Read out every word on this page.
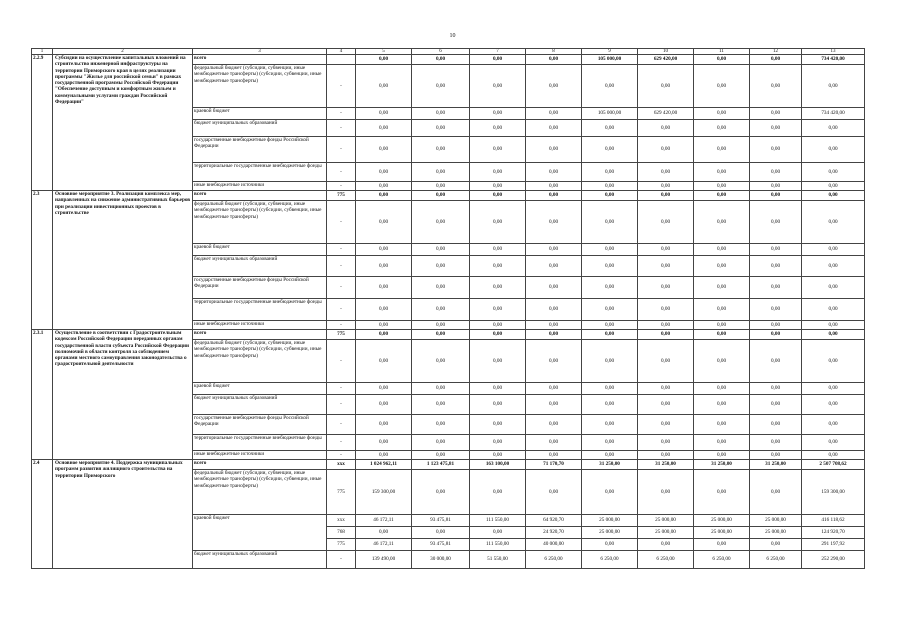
10
1	2	3	4	5	6	7	8	9	10	11	12	13
2.2.9	Субсидии на осуществление капитальных вложений на строительство инженерной инфраструктуры на территории Приморского края в целях реализации программы "Жилье для российской семьи" в рамках государственной программы Российской Федерации "Обеспечение доступным и комфортным жильем и коммунальными услугами граждан Российской Федерации"	всего		0,00	0,00	0,00	0,00	105 000,00	629 420,00	0,00	0,00	734 420,00
		федеральный бюджет (субсидии, субвенции, иные межбюджетные трансферты) (субсидии, субвенции, иные межбюджетные трансферты)	-	0,00	0,00	0,00	0,00	0,00	0,00	0,00	0,00	0,00
		краевой бюджет	-	0,00	0,00	0,00	0,00	105 000,00	629 420,00	0,00	0,00	734 420,00
		бюджет муниципальных образований	-	0,00	0,00	0,00	0,00	0,00	0,00	0,00	0,00	0,00
		государственные внебюджетные фонды Российской Федерации	-	0,00	0,00	0,00	0,00	0,00	0,00	0,00	0,00	0,00
		территориальные государственные внебюджетные фонды	-	0,00	0,00	0,00	0,00	0,00	0,00	0,00	0,00	0,00
		иные внебюджетные источники	-	0,00	0,00	0,00	0,00	0,00	0,00	0,00	0,00	0,00
2.3	Основное мероприятие 3. Реализация комплекса мер, направленных на снижение административных барьеров при реализации инвестиционных проектов в строительстве	всего	775	0,00	0,00	0,00	0,00	0,00	0,00	0,00	0,00	0,00
		федеральный бюджет (субсидии, субвенции, иные межбюджетные трансферты) (субсидии, субвенции, иные межбюджетные трансферты)	-	0,00	0,00	0,00	0,00	0,00	0,00	0,00	0,00	0,00
		краевой бюджет	-	0,00	0,00	0,00	0,00	0,00	0,00	0,00	0,00	0,00
		бюджет муниципальных образований	-	0,00	0,00	0,00	0,00	0,00	0,00	0,00	0,00	0,00
		государственные внебюджетные фонды Российской Федерации	-	0,00	0,00	0,00	0,00	0,00	0,00	0,00	0,00	0,00
		территориальные государственные внебюджетные фонды	-	0,00	0,00	0,00	0,00	0,00	0,00	0,00	0,00	0,00
		иные внебюджетные источники	-	0,00	0,00	0,00	0,00	0,00	0,00	0,00	0,00	0,00
2.3.1	Осуществление в соответствии с Градостроительным кодексом Российской Федерации переданных органам государственной власти субъекта Российской Федерации полномочий в области контроля за соблюдением органами местного самоуправления законодательства о градостроительной деятельности	всего	775	0,00	0,00	0,00	0,00	0,00	0,00	0,00	0,00	0,00
		федеральный бюджет (субсидии, субвенции, иные межбюджетные трансферты) (субсидии, субвенции, иные межбюджетные трансферты)	-	0,00	0,00	0,00	0,00	0,00	0,00	0,00	0,00	0,00
		краевой бюджет	-	0,00	0,00	0,00	0,00	0,00	0,00	0,00	0,00	0,00
		бюджет муниципальных образований	-	0,00	0,00	0,00	0,00	0,00	0,00	0,00	0,00	0,00
		государственные внебюджетные фонды Российской Федерации	-	0,00	0,00	0,00	0,00	0,00	0,00	0,00	0,00	0,00
		территориальные государственные внебюджетные фонды	-	0,00	0,00	0,00	0,00	0,00	0,00	0,00	0,00	0,00
		иные внебюджетные источники	-	0,00	0,00	0,00	0,00	0,00	0,00	0,00	0,00	0,00
2.4	Основное мероприятие 4. Поддержка муниципальных программ развития жилищного строительства на территории Приморского	всего	ххх	1 024 962,11	1 123 475,81	163 100,00	71 170,70	31 250,00	31 250,00	31 250,00	31 250,00	2 507 708,62
		федеральный бюджет (субсидии, субвенции, иные межбюджетные трансферты) (субсидии, субвенции, иные межбюджетные трансферты)	775	159 300,00	0,00	0,00	0,00	0,00	0,00	0,00	0,00	159 300,00
		краевой бюджет	ххх	46 172,11	93 475,81	111 550,00	64 920,70	25 000,00	25 000,00	25 000,00	25 000,00	416 118,62
			768	0,00	0,00	0,00	24 920,70	25 000,00	25 000,00	25 000,00	25 000,00	124 920,70
			775	46 172,11	93 475,81	111 550,00	40 000,00	0,00	0,00	0,00	0,00	291 197,92
		бюджет муниципальных образований	-	139 490,00	30 000,00	51 550,00	6 250,00	6 250,00	6 250,00	6 250,00	6 250,00	252 290,00
